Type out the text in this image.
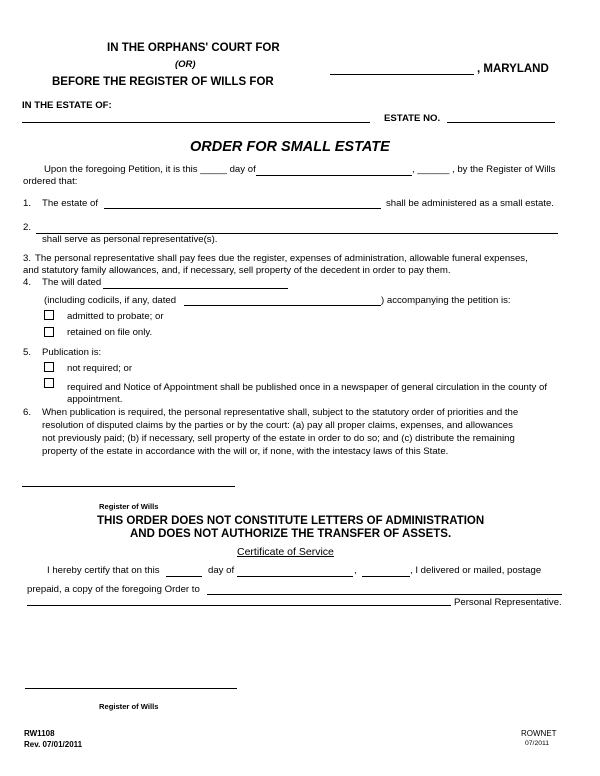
IN THE ORPHANS' COURT FOR
(OR)
BEFORE THE REGISTER OF WILLS FOR
, MARYLAND
IN THE ESTATE OF:
ESTATE NO.
ORDER FOR SMALL ESTATE
Upon the foregoing Petition, it is this _____ day of	, ______ , by the Register of Wills
ordered that:
1. The estate of	shall be administered as a small estate.
2.
shall serve as personal representative(s).
3. The personal representative shall pay fees due the register, expenses of administration, allowable funeral expenses,
and statutory family allowances, and, if necessary, sell property of the decedent in order to pay them.
4. The will dated
(including codicils, if any, dated	) accompanying the petition is:
admitted to probate; or
retained on file only.
5. Publication is:
not required; or
required and Notice of Appointment shall be published once in a newspaper of general circulation in the county of
appointment.
6. When publication is required, the personal representative shall, subject to the statutory order of priorities and the
resolution of disputed claims by the parties or by the court: (a) pay all proper claims, expenses, and allowances
not previously paid; (b) if necessary, sell property of the estate in order to do so; and (c) distribute the remaining
property of the estate in accordance with the will or, if none, with the intestacy laws of this State.
Register of Wills
THIS ORDER DOES NOT CONSTITUTE LETTERS OF ADMINISTRATION
AND DOES NOT AUTHORIZE THE TRANSFER OF ASSETS.
Certificate of Service
I hereby certify that on this	day of	,	, I delivered or mailed, postage
prepaid, a copy of the foregoing Order to
Personal Representative.
Register of Wills
RW1108
Rev. 07/01/2011
ROWNET
07/2011
